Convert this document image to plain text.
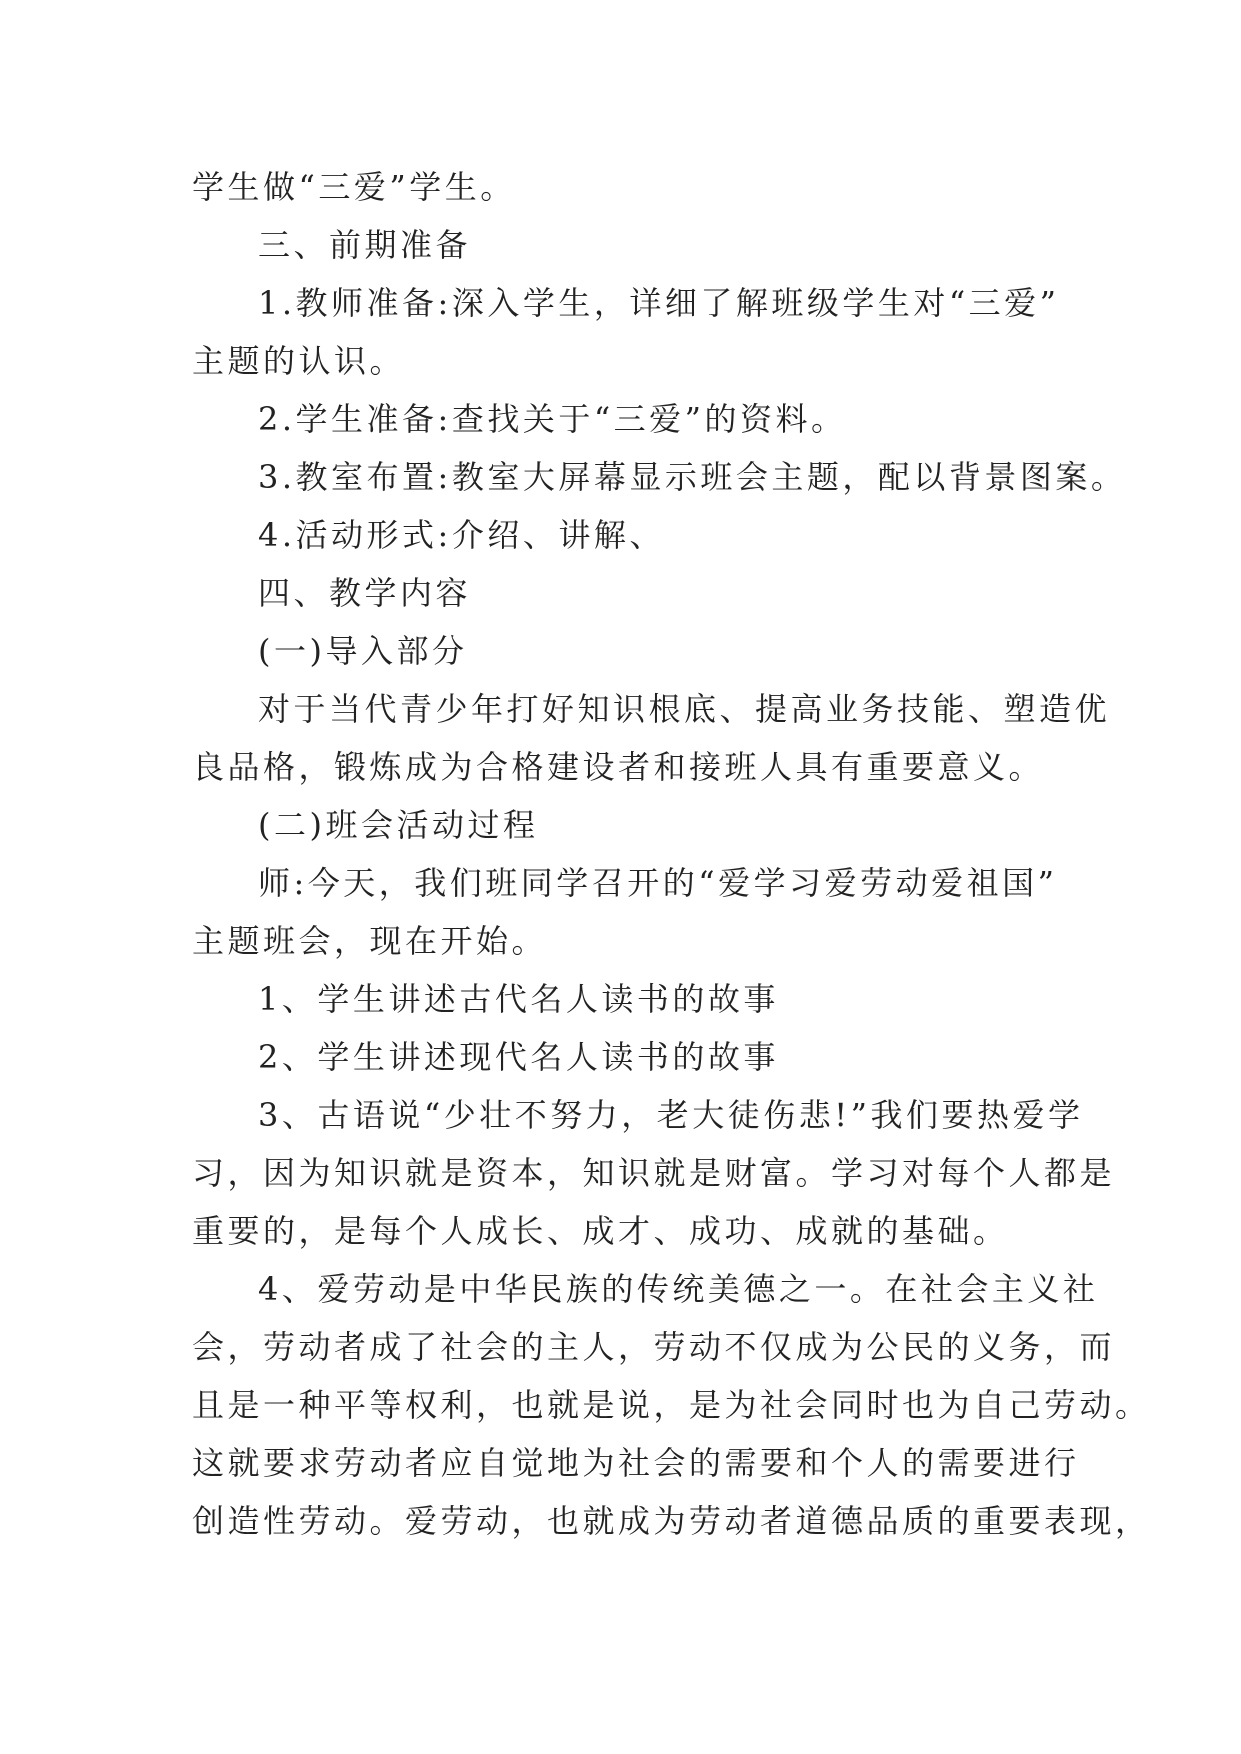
学生做“三爱”学生。
三、前期准备
1.教师准备:深入学生，详细了解班级学生对“三爱”
主题的认识。
2.学生准备:查找关于“三爱”的资料。
3.教室布置:教室大屏幕显示班会主题，配以背景图案。
4.活动形式:介绍、讲解、
四、教学内容
(一)导入部分
对于当代青少年打好知识根底、提高业务技能、塑造优
良品格，锻炼成为合格建设者和接班人具有重要意义。
(二)班会活动过程
师:今天，我们班同学召开的“爱学习爱劳动爱祖国”
主题班会，现在开始。
1、学生讲述古代名人读书的故事
2、学生讲述现代名人读书的故事
3、古语说“少壮不努力，老大徒伤悲!”我们要热爱学
习，因为知识就是资本，知识就是财富。学习对每个人都是
重要的，是每个人成长、成才、成功、成就的基础。
4、爱劳动是中华民族的传统美德之一。在社会主义社
会，劳动者成了社会的主人，劳动不仅成为公民的义务，而
且是一种平等权利，也就是说，是为社会同时也为自己劳动。
这就要求劳动者应自觉地为社会的需要和个人的需要进行
创造性劳动。爱劳动，也就成为劳动者道德品质的重要表现，
